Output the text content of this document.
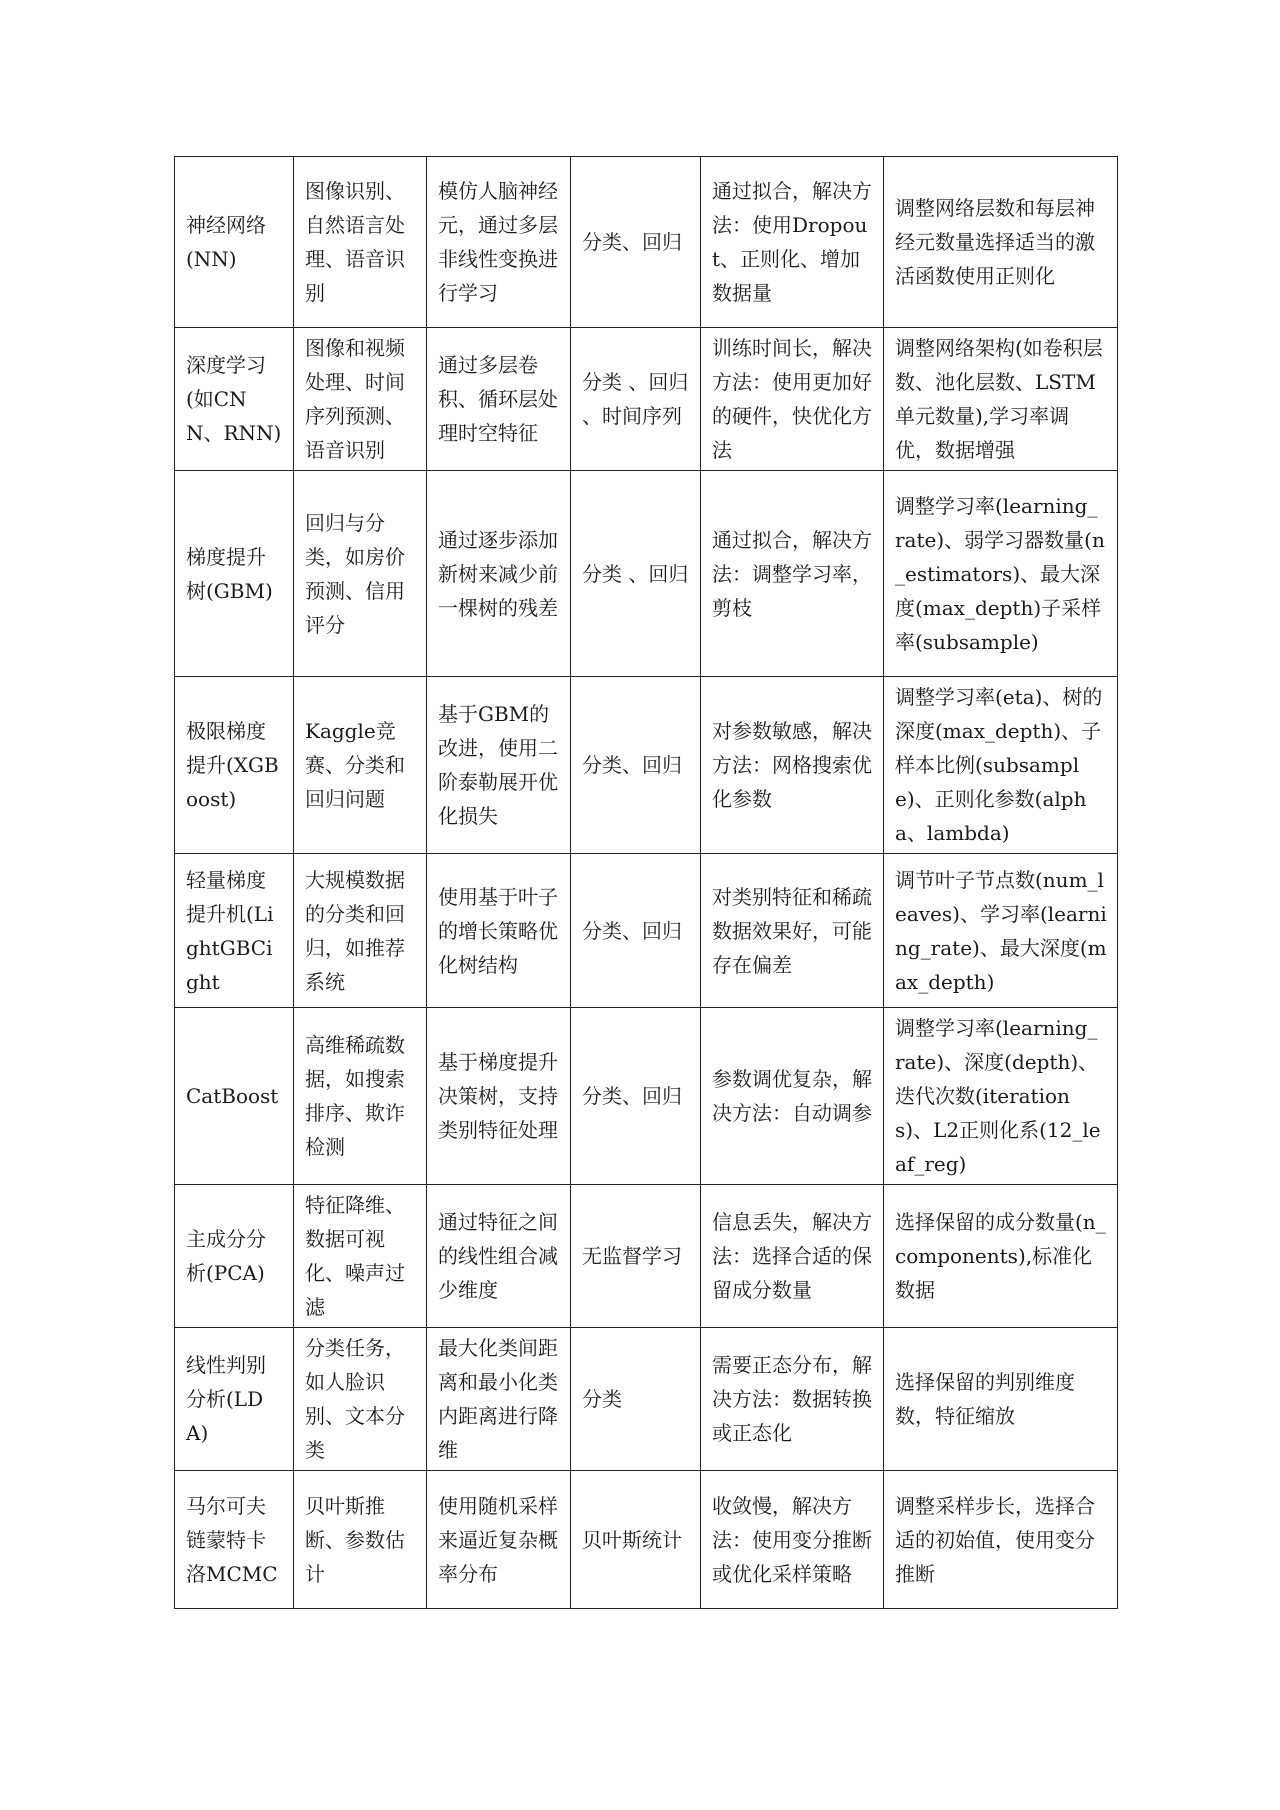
神经网络(NN)	图像识别、自然语言处理、语音识别	模仿人脑神经元，通过多层非线性变换进行学习	分类、回归	通过拟合，解决方法：使用Dropout、正则化、增加数据量	调整网络层数和每层神经元数量选择适当的激活函数使用正则化
深度学习(如CNN、RNN)	图像和视频处理、时间序列预测、语音识别	通过多层卷积、循环层处理时空特征	分类 、回归 、时间序列	训练时间长，解决方法：使用更加好的硬件，快优化方法	调整网络架构(如卷积层数、池化层数、LSTM单元数量),学习率调优，数据增强
梯度提升树(GBM)	回归与分类，如房价预测、信用评分	通过逐步添加新树来减少前一棵树的残差	分类 、回归	通过拟合，解决方法：调整学习率，剪枝	调整学习率(learning_rate)、弱学习器数量(n_estimators)、最大深度(max_depth)子采样率(subsample)
极限梯度提升(XGBoost)	Kaggle竞赛、分类和回归问题	基于GBM的改进，使用二阶泰勒展开优化损失	分类、回归	对参数敏感，解决方法：网格搜索优化参数	调整学习率(eta)、树的深度(max_depth)、子样本比例(subsample)、正则化参数(alpha、lambda)
轻量梯度提升机(LightGBCight	大规模数据的分类和回归，如推荐系统	使用基于叶子的增长策略优化树结构	分类、回归	对类别特征和稀疏数据效果好，可能存在偏差	调节叶子节点数(num_leaves)、学习率(learning_rate)、最大深度(max_depth)
CatBoost	高维稀疏数据，如搜索排序、欺诈检测	基于梯度提升决策树，支持类别特征处理	分类、回归	参数调优复杂，解决方法：自动调参	调整学习率(learning_rate)、深度(depth)、迭代次数(iterations)、L2正则化系(12_leaf_reg)
主成分分析(PCA)	特征降维、数据可视化、噪声过滤	通过特征之间的线性组合减少维度	无监督学习	信息丢失，解决方法：选择合适的保留成分数量	选择保留的成分数量(n_components),标准化数据
线性判别分析(LDA)	分类任务，如人脸识别、文本分类	最大化类间距离和最小化类内距离进行降维	分类	需要正态分布，解决方法：数据转换或正态化	选择保留的判别维度数，特征缩放
马尔可夫链蒙特卡洛MCMC	贝叶斯推断、参数估计	使用随机采样来逼近复杂概率分布	贝叶斯统计	收敛慢，解决方法：使用变分推断或优化采样策略	调整采样步长，选择合适的初始值，使用变分推断
